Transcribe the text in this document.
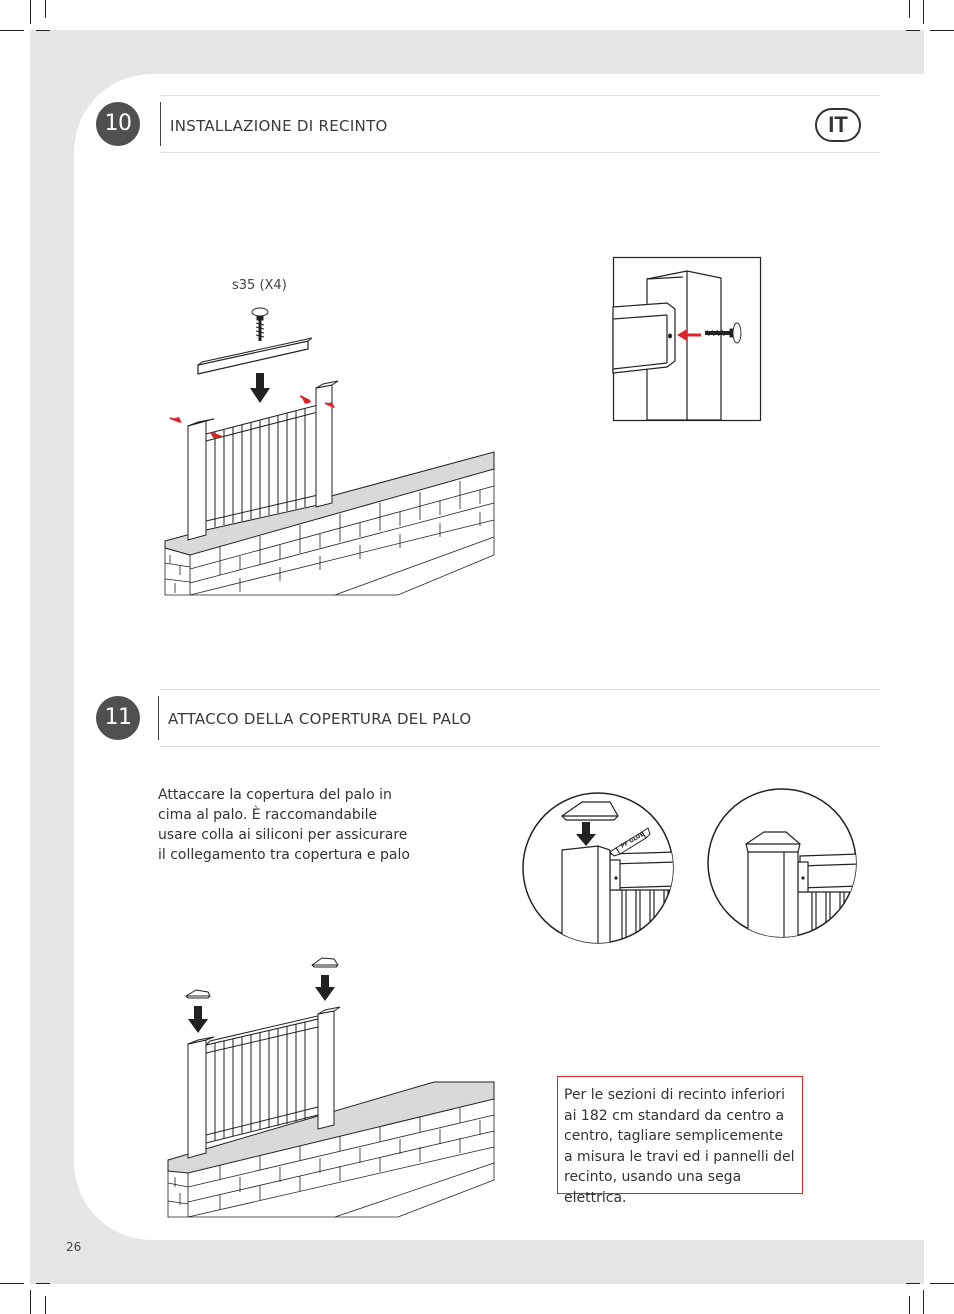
10	INSTALLAZIONE DI RECINTO	IT
s35 (X4)
11	ATTACCO DELLA COPERTURA DEL PALO
Attaccare la copertura del palo in
cima al palo. È raccomandabile
usare colla ai siliconi per assicurare
il collegamento tra copertura e palo
PF GLUE
Per le sezioni di recinto inferiori
ai 182 cm standard da centro a
centro, tagliare semplicemente
a misura le travi ed i pannelli del
recinto, usando una sega elettrica.
26
